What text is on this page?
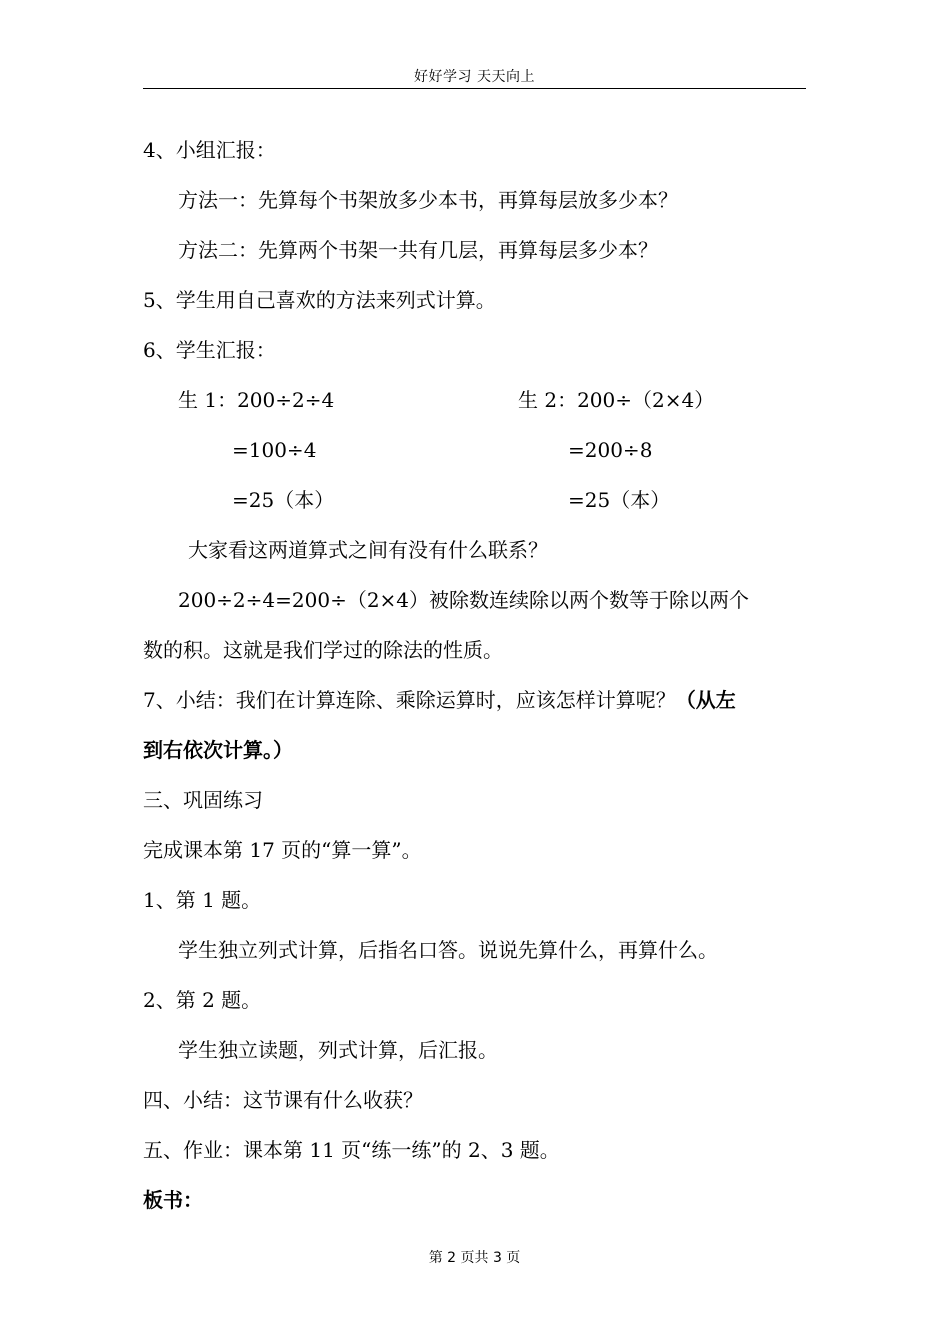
好好学习 天天向上
4、小组汇报：
方法一：先算每个书架放多少本书，再算每层放多少本？
方法二：先算两个书架一共有几层，再算每层多少本？
5、学生用自己喜欢的方法来列式计算。
6、学生汇报：
生 1：200÷2÷4	生 2：200÷（2×4）
=100÷4	=200÷8
=25（本）	=25（本）
大家看这两道算式之间有没有什么联系？
200÷2÷4=200÷（2×4）被除数连续除以两个数等于除以两个
数的积。这就是我们学过的除法的性质。
7、小结：我们在计算连除、乘除运算时，应该怎样计算呢？（从左
到右依次计算。）
三、巩固练习
完成课本第 17 页的“算一算”。
1、第 1 题。
学生独立列式计算，后指名口答。说说先算什么，再算什么。
2、第 2 题。
学生独立读题，列式计算，后汇报。
四、小结：这节课有什么收获？
五、作业：课本第 11 页“练一练”的 2、3 题。
板书：
第 2 页共 3 页
